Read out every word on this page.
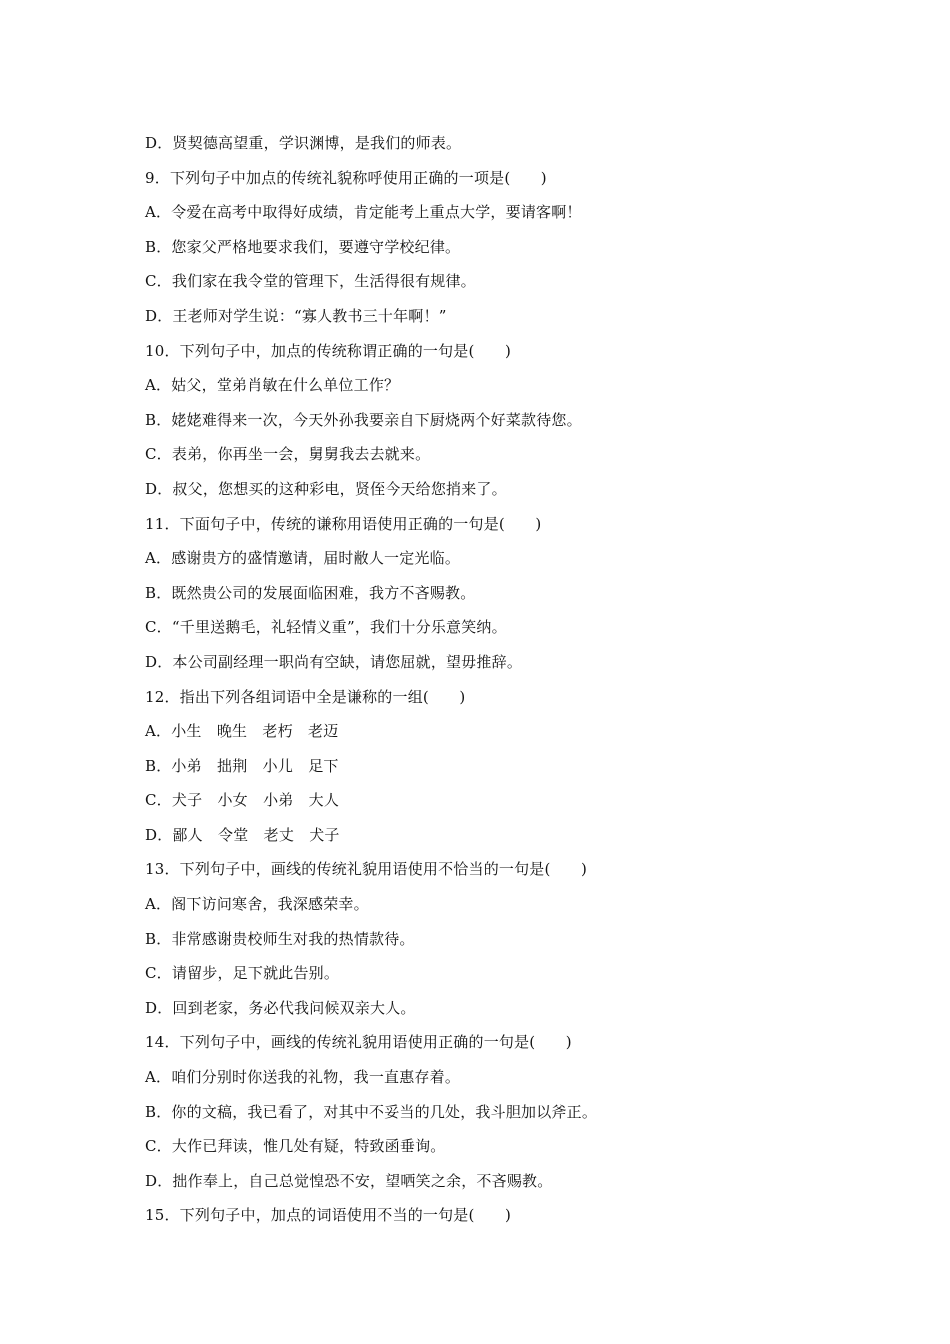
D．贤契德高望重，学识渊博，是我们的师表。
9．下列句子中加点的传统礼貌称呼使用正确的一项是(　　)
A．令爱在高考中取得好成绩，肯定能考上重点大学，要请客啊！
B．您家父严格地要求我们，要遵守学校纪律。
C．我们家在我令堂的管理下，生活得很有规律。
D．王老师对学生说：“寡人教书三十年啊！”
10．下列句子中，加点的传统称谓正确的一句是(　　)
A．姑父，堂弟肖敏在什么单位工作？
B．姥姥难得来一次，今天外孙我要亲自下厨烧两个好菜款待您。
C．表弟，你再坐一会，舅舅我去去就来。
D．叔父，您想买的这种彩电，贤侄今天给您捎来了。
11．下面句子中，传统的谦称用语使用正确的一句是(　　)
A．感谢贵方的盛情邀请，届时敝人一定光临。
B．既然贵公司的发展面临困难，我方不吝赐教。
C．“千里送鹅毛，礼轻情义重”，我们十分乐意笑纳。
D．本公司副经理一职尚有空缺，请您屈就，望毋推辞。
12．指出下列各组词语中全是谦称的一组(　　)
A．小生　晚生　老朽　老迈
B．小弟　拙荆　小儿　足下
C．犬子　小女　小弟　大人
D．鄙人　令堂　老丈　犬子
13．下列句子中，画线的传统礼貌用语使用不恰当的一句是(　　)
A．阁下访问寒舍，我深感荣幸。
B．非常感谢贵校师生对我的热情款待。
C．请留步，足下就此告别。
D．回到老家，务必代我问候双亲大人。
14．下列句子中，画线的传统礼貌用语使用正确的一句是(　　)
A．咱们分别时你送我的礼物，我一直惠存着。
B．你的文稿，我已看了，对其中不妥当的几处，我斗胆加以斧正。
C．大作已拜读，惟几处有疑，特致函垂询。
D．拙作奉上，自己总觉惶恐不安，望哂笑之余，不吝赐教。
15．下列句子中，加点的词语使用不当的一句是(　　)
